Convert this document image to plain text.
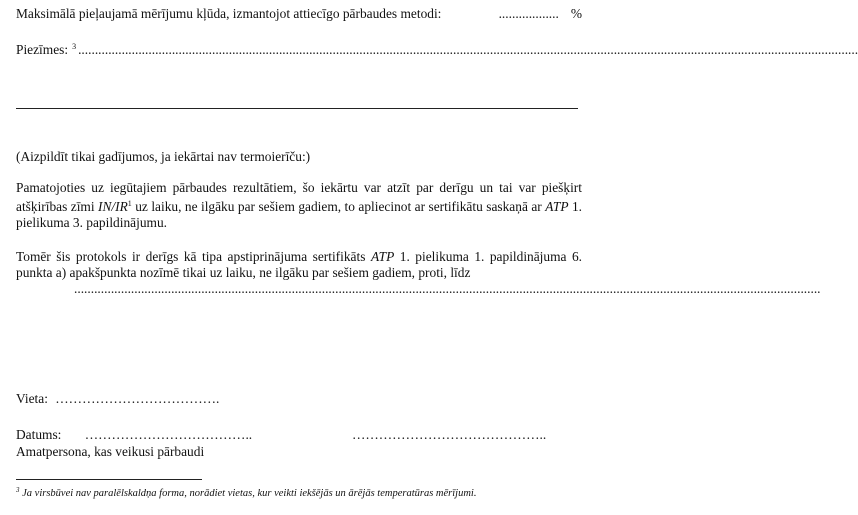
Maksimālā pieļaujamā mērījumu kļūda, izmantojot attiecīgo pārbaudes metodi:	.................. %
Piezīmes: $^3$ .........................................................................................................................................................................................................................................
(Aizpildīt tikai gadījumos, ja iekārtai nav termoierīču:)
Pamatojoties uz iegūtajiem pārbaudes rezultātiem, šo iekārtu var atzīt par derīgu un tai var piešķirt atšķirības zīmi $IN/IR^1$ uz laiku, ne ilgāku par sešiem gadiem, to apliecinot ar sertifikātu saskaņā ar ATP 1. pielikuma 3. papildinājumu.
Tomēr šis protokols ir derīgs kā tipa apstiprinājuma sertifikāts ATP 1. pielikuma 1. papildinājuma 6. punkta a) apakšpunkta nozīmē tikai uz laiku, ne ilgāku par sešiem gadiem, proti, līdz
...............................................................................................................................................................................................................................
Vieta: ……………………………….
Datums: ………………………………..	……………………………………..
Amatpersona, kas veikusi pārbaudi
$^3$ Ja virsbūvei nav paralēlskaldņa forma, norādiet vietas, kur veikti iekšējās un ārējās temperatūras mērījumi.
